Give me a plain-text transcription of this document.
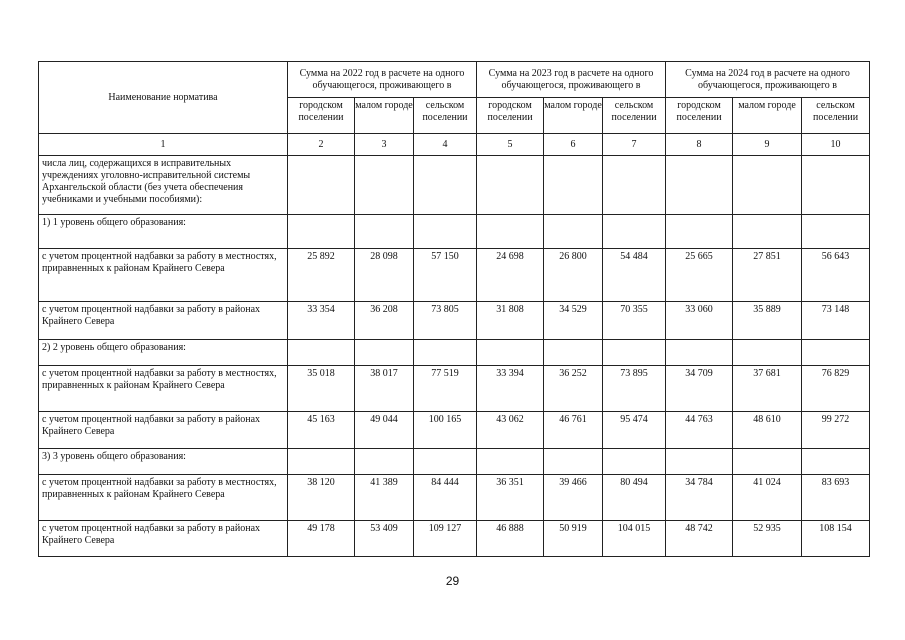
Наименование норматива	Сумма на 2022 год в расчете на одного обучающегося, проживающего в			Сумма на 2023 год в расчете на одного обучающегося, проживающего в			Сумма на 2024 год в расчете на одного обучающегося, проживающего в		
	городском поселении	малом городе	сельском поселении	городском поселении	малом городе	сельском поселении	городском поселении	малом городе	сельском поселении
1	2	3	4	5	6	7	8	9	10
числа лиц, содержащихся в исправительных учреждениях уголовно-исправительной системы Архангельской области (без учета обеспечения учебниками и учебными пособиями):									
1) 1 уровень общего образования:									
с учетом процентной надбавки за работу в местностях, приравненных к районам Крайнего Севера	25 892	28 098	57 150	24 698	26 800	54 484	25 665	27 851	56 643
с учетом процентной надбавки за работу в районах Крайнего Севера	33 354	36 208	73 805	31 808	34 529	70 355	33 060	35 889	73 148
2) 2 уровень общего образования:									
с учетом процентной надбавки за работу в местностях, приравненных к районам Крайнего Севера	35 018	38 017	77 519	33 394	36 252	73 895	34 709	37 681	76 829
с учетом процентной надбавки за работу в районах Крайнего Севера	45 163	49 044	100 165	43 062	46 761	95 474	44 763	48 610	99 272
3) 3 уровень общего образования:									
с учетом процентной надбавки за работу в местностях, приравненных к районам Крайнего Севера	38 120	41 389	84 444	36 351	39 466	80 494	34 784	41 024	83 693
с учетом процентной надбавки за работу в районах Крайнего Севера	49 178	53 409	109 127	46 888	50 919	104 015	48 742	52 935	108 154
29
